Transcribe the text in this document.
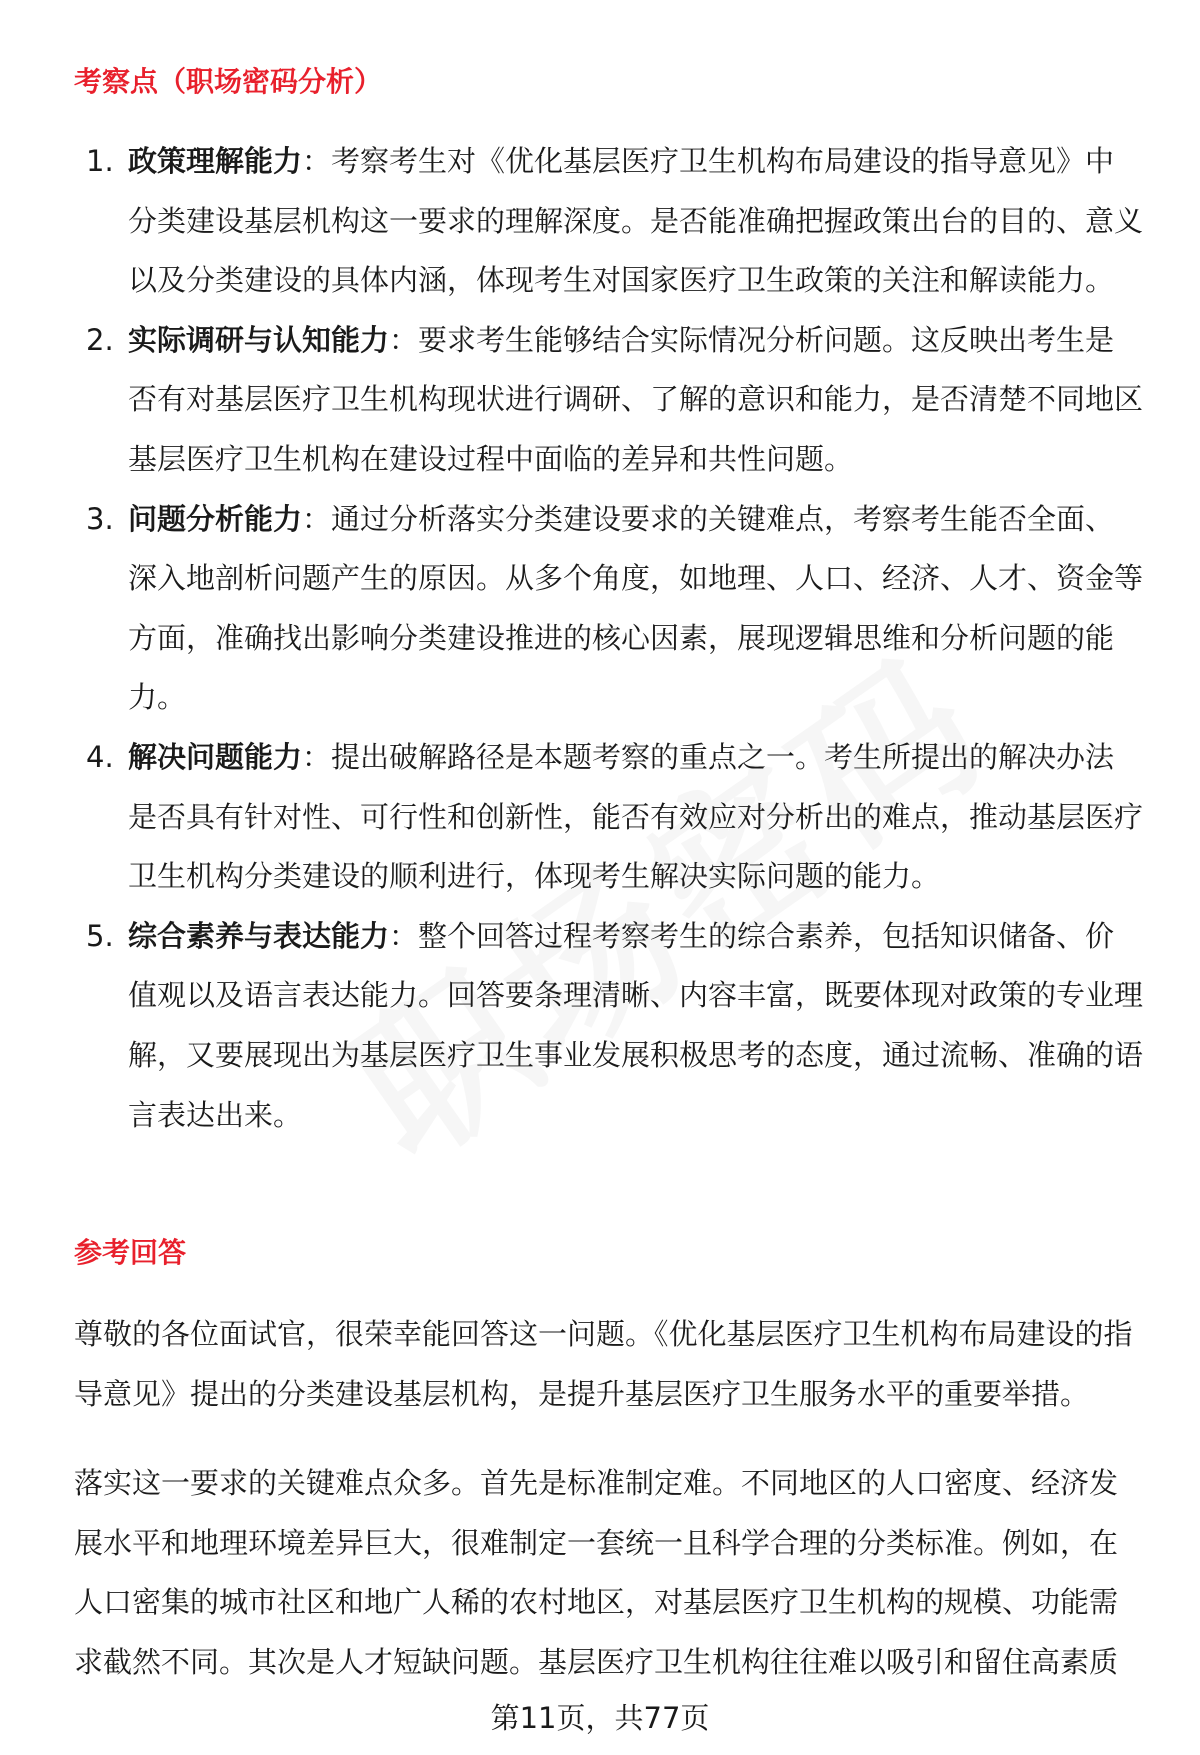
考察点（职场密码分析）
1. 政策理解能力：考察考生对《优化基层医疗卫生机构布局建设的指导意见》中分类建设基层机构这一要求的理解深度。是否能准确把握政策出台的目的、意义以及分类建设的具体内涵，体现考生对国家医疗卫生政策的关注和解读能力。

2. 实际调研与认知能力：要求考生能够结合实际情况分析问题。这反映出考生是否有对基层医疗卫生机构现状进行调研、了解的意识和能力，是否清楚不同地区基层医疗卫生机构在建设过程中面临的差异和共性问题。

3. 问题分析能力：通过分析落实分类建设要求的关键难点，考察考生能否全面、深入地剖析问题产生的原因。从多个角度，如地理、人口、经济、人才、资金等方面，准确找出影响分类建设推进的核心因素，展现逻辑思维和分析问题的能力。

4. 解决问题能力：提出破解路径是本题考察的重点之一。考生所提出的解决办法是否具有针对性、可行性和创新性，能否有效应对分析出的难点，推动基层医疗卫生机构分类建设的顺利进行，体现考生解决实际问题的能力。

5. 综合素养与表达能力：整个回答过程考察考生的综合素养，包括知识储备、价值观以及语言表达能力。回答要条理清晰、内容丰富，既要体现对政策的专业理解，又要展现出为基层医疗卫生事业发展积极思考的态度，通过流畅、准确的语言表达出来。

参考回答

尊敬的各位面试官，很荣幸能回答这一问题。《优化基层医疗卫生机构布局建设的指导意见》提出的分类建设基层机构，是提升基层医疗卫生服务水平的重要举措。

落实这一要求的关键难点众多。首先是标准制定难。不同地区的人口密度、经济发展水平和地理环境差异巨大，很难制定一套统一且科学合理的分类标准。例如，在人口密集的城市社区和地广人稀的农村地区，对基层医疗卫生机构的规模、功能需求截然不同。其次是人才短缺问题。基层医疗卫生机构往往难以吸引和留住高素质

第11页，共77页
